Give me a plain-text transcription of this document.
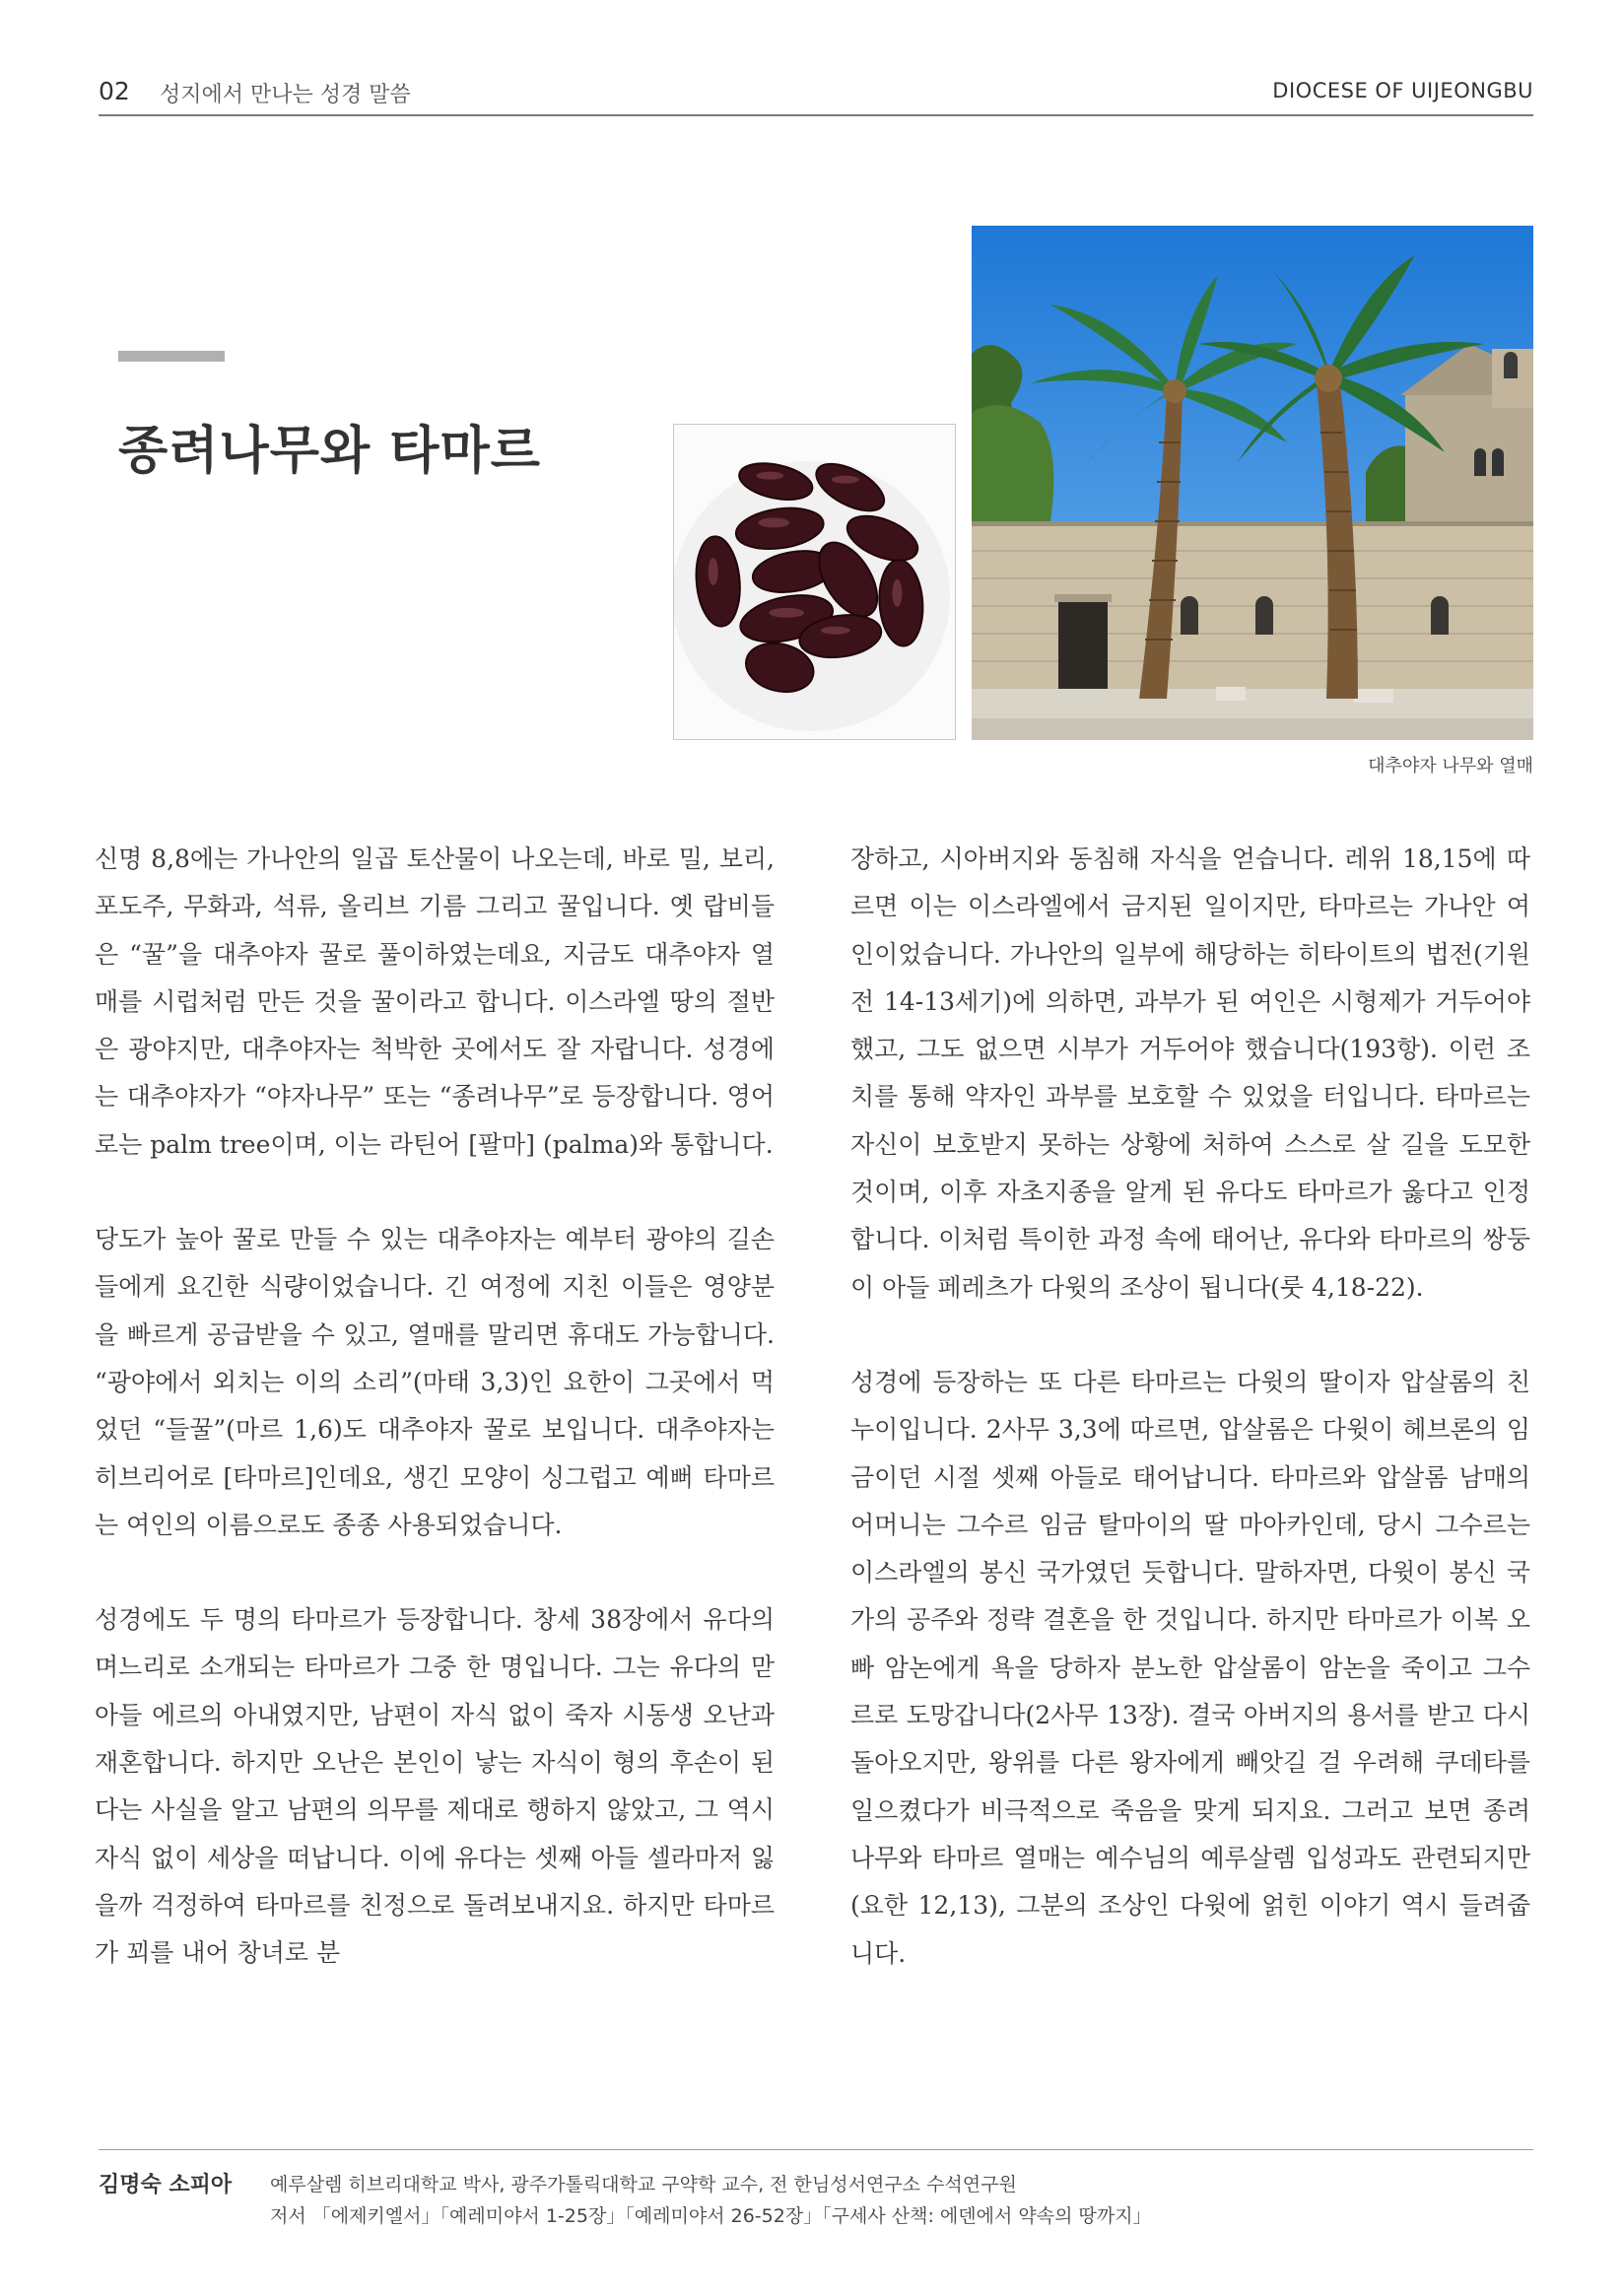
02 성지에서 만나는 성경 말씀	DIOCESE OF UIJEONGBU
종려나무와 타마르
대추야자 나무와 열매

신명 8,8에는 가나안의 일곱 토산물이 나오는데, 바로 밀, 보리, 포도주, 무화과, 석류, 올리브 기름 그리고 꿀입니다. 옛 랍비들은 “꿀”을 대추야자 꿀로 풀이하였는데요, 지금도 대추야자 열매를 시럽처럼 만든 것을 꿀이라고 합니다. 이스라엘 땅의 절반은 광야지만, 대추야자는 척박한 곳에서도 잘 자랍니다. 성경에는 대추야자가 “야자나무” 또는 “종려나무”로 등장합니다. 영어로는 palm tree이며, 이는 라틴어 [팔마] (palma)와 통합니다.

당도가 높아 꿀로 만들 수 있는 대추야자는 예부터 광야의 길손들에게 요긴한 식량이었습니다. 긴 여정에 지친 이들은 영양분을 빠르게 공급받을 수 있고, 열매를 말리면 휴대도 가능합니다. “광야에서 외치는 이의 소리”(마태 3,3)인 요한이 그곳에서 먹었던 “들꿀”(마르 1,6)도 대추야자 꿀로 보입니다. 대추야자는 히브리어로 [타마르]인데요, 생긴 모양이 싱그럽고 예뻐 타마르는 여인의 이름으로도 종종 사용되었습니다.

성경에도 두 명의 타마르가 등장합니다. 창세 38장에서 유다의 며느리로 소개되는 타마르가 그중 한 명입니다. 그는 유다의 맏아들 에르의 아내였지만, 남편이 자식 없이 죽자 시동생 오난과 재혼합니다. 하지만 오난은 본인이 낳는 자식이 형의 후손이 된다는 사실을 알고 남편의 의무를 제대로 행하지 않았고, 그 역시 자식 없이 세상을 떠납니다. 이에 유다는 셋째 아들 셀라마저 잃을까 걱정하여 타마르를 친정으로 돌려보내지요. 하지만 타마르가 꾀를 내어 창녀로 분

장하고, 시아버지와 동침해 자식을 얻습니다. 레위 18,15에 따르면 이는 이스라엘에서 금지된 일이지만, 타마르는 가나안 여인이었습니다. 가나안의 일부에 해당하는 히타이트의 법전(기원전 14-13세기)에 의하면, 과부가 된 여인은 시형제가 거두어야 했고, 그도 없으면 시부가 거두어야 했습니다(193항). 이런 조치를 통해 약자인 과부를 보호할 수 있었을 터입니다. 타마르는 자신이 보호받지 못하는 상황에 처하여 스스로 살 길을 도모한 것이며, 이후 자초지종을 알게 된 유다도 타마르가 옳다고 인정합니다. 이처럼 특이한 과정 속에 태어난, 유다와 타마르의 쌍둥이 아들 페레츠가 다윗의 조상이 됩니다(룻 4,18-22).

성경에 등장하는 또 다른 타마르는 다윗의 딸이자 압살롬의 친누이입니다. 2사무 3,3에 따르면, 압살롬은 다윗이 헤브론의 임금이던 시절 셋째 아들로 태어납니다. 타마르와 압살롬 남매의 어머니는 그수르 임금 탈마이의 딸 마아카인데, 당시 그수르는 이스라엘의 봉신 국가였던 듯합니다. 말하자면, 다윗이 봉신 국가의 공주와 정략 결혼을 한 것입니다. 하지만 타마르가 이복 오빠 암논에게 욕을 당하자 분노한 압살롬이 암논을 죽이고 그수르로 도망갑니다(2사무 13장). 결국 아버지의 용서를 받고 다시 돌아오지만, 왕위를 다른 왕자에게 빼앗길 걸 우려해 쿠데타를 일으켰다가 비극적으로 죽음을 맞게 되지요. 그러고 보면 종려나무와 타마르 열매는 예수님의 예루살렘 입성과도 관련되지만(요한 12,13), 그분의 조상인 다윗에 얽힌 이야기 역시 들려줍니다.

김명숙 소피아 예루살렘 히브리대학교 박사, 광주가톨릭대학교 구약학 교수, 전 한님성서연구소 수석연구원
저서 「에제키엘서」「예레미야서 1-25장」「예레미야서 26-52장」「구세사 산책: 에덴에서 약속의 땅까지」
